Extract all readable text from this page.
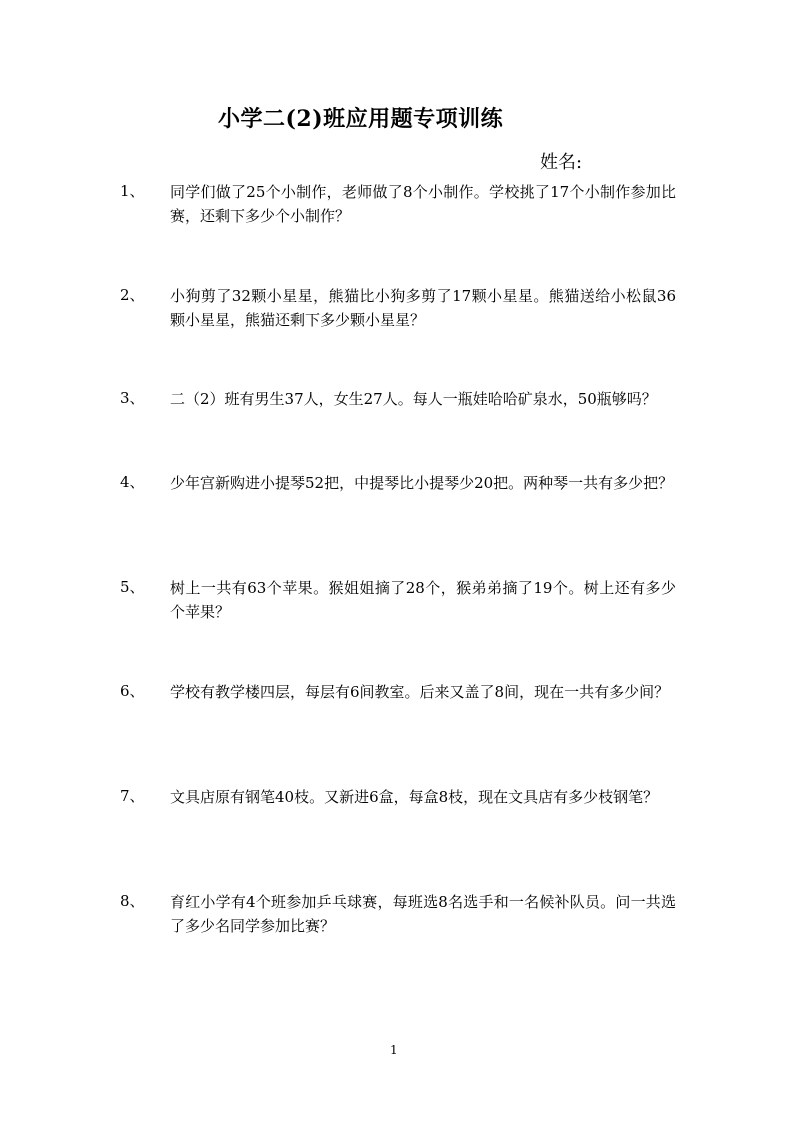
小学二(2)班应用题专项训练
姓名:
1、 同学们做了25个小制作，老师做了8个小制作。学校挑了17个小制作参加比赛，还剩下多少个小制作？
2、 小狗剪了32颗小星星，熊猫比小狗多剪了17颗小星星。熊猫送给小松鼠36颗小星星，熊猫还剩下多少颗小星星？
3、 二（2）班有男生37人，女生27人。每人一瓶娃哈哈矿泉水，50瓶够吗？
4、 少年宫新购进小提琴52把，中提琴比小提琴少20把。两种琴一共有多少把？
5、 树上一共有63个苹果。猴姐姐摘了28个，猴弟弟摘了19个。树上还有多少个苹果？
6、 学校有教学楼四层，每层有6间教室。后来又盖了8间，现在一共有多少间？
7、 文具店原有钢笔40枝。又新进6盒，每盒8枝，现在文具店有多少枝钢笔？
8、 育红小学有4个班参加乒乓球赛，每班选8名选手和一名候补队员。问一共选了多少名同学参加比赛？
1
